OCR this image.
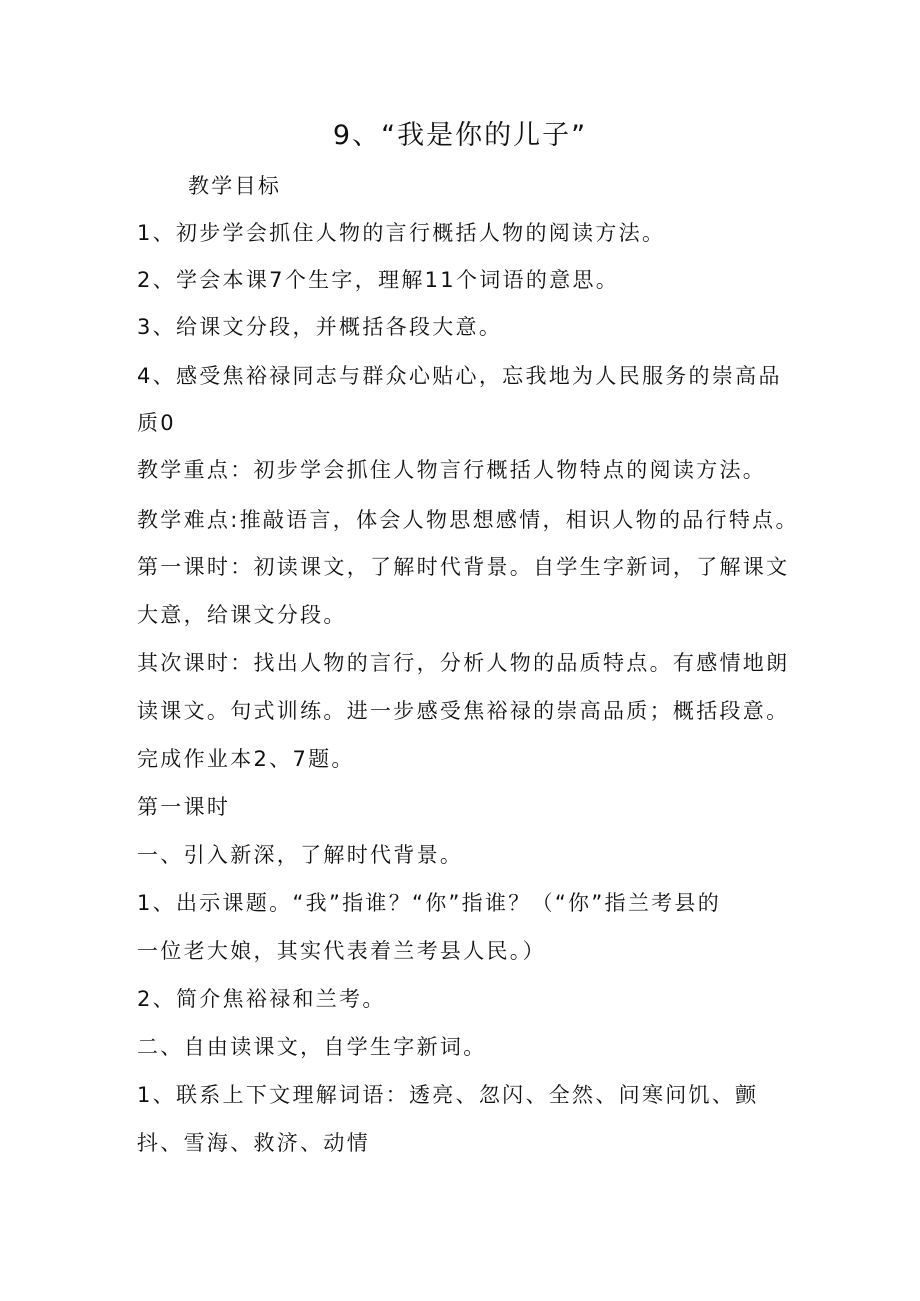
9、“我是你的儿子”
教学目标
1、初步学会抓住人物的言行概括人物的阅读方法。
2、学会本课7个生字，理解11个词语的意思。
3、给课文分段，并概括各段大意。
4、感受焦裕禄同志与群众心贴心，忘我地为人民服务的崇高品
质0
教学重点：初步学会抓住人物言行概括人物特点的阅读方法。
教学难点:推敲语言，体会人物思想感情，相识人物的品行特点。
第一课时：初读课文，了解时代背景。自学生字新词，了解课文
大意，给课文分段。
其次课时：找出人物的言行，分析人物的品质特点。有感情地朗
读课文。句式训练。进一步感受焦裕禄的崇高品质；概括段意。
完成作业本2、7题。
第一课时
一、引入新深，了解时代背景。
1、出示课题。“我”指谁？“你”指谁？（“你”指兰考县的
一位老大娘，其实代表着兰考县人民。）
2、简介焦裕禄和兰考。
二、自由读课文，自学生字新词。
1、联系上下文理解词语：透亮、忽闪、全然、问寒问饥、颤
抖、雪海、救济、动情
